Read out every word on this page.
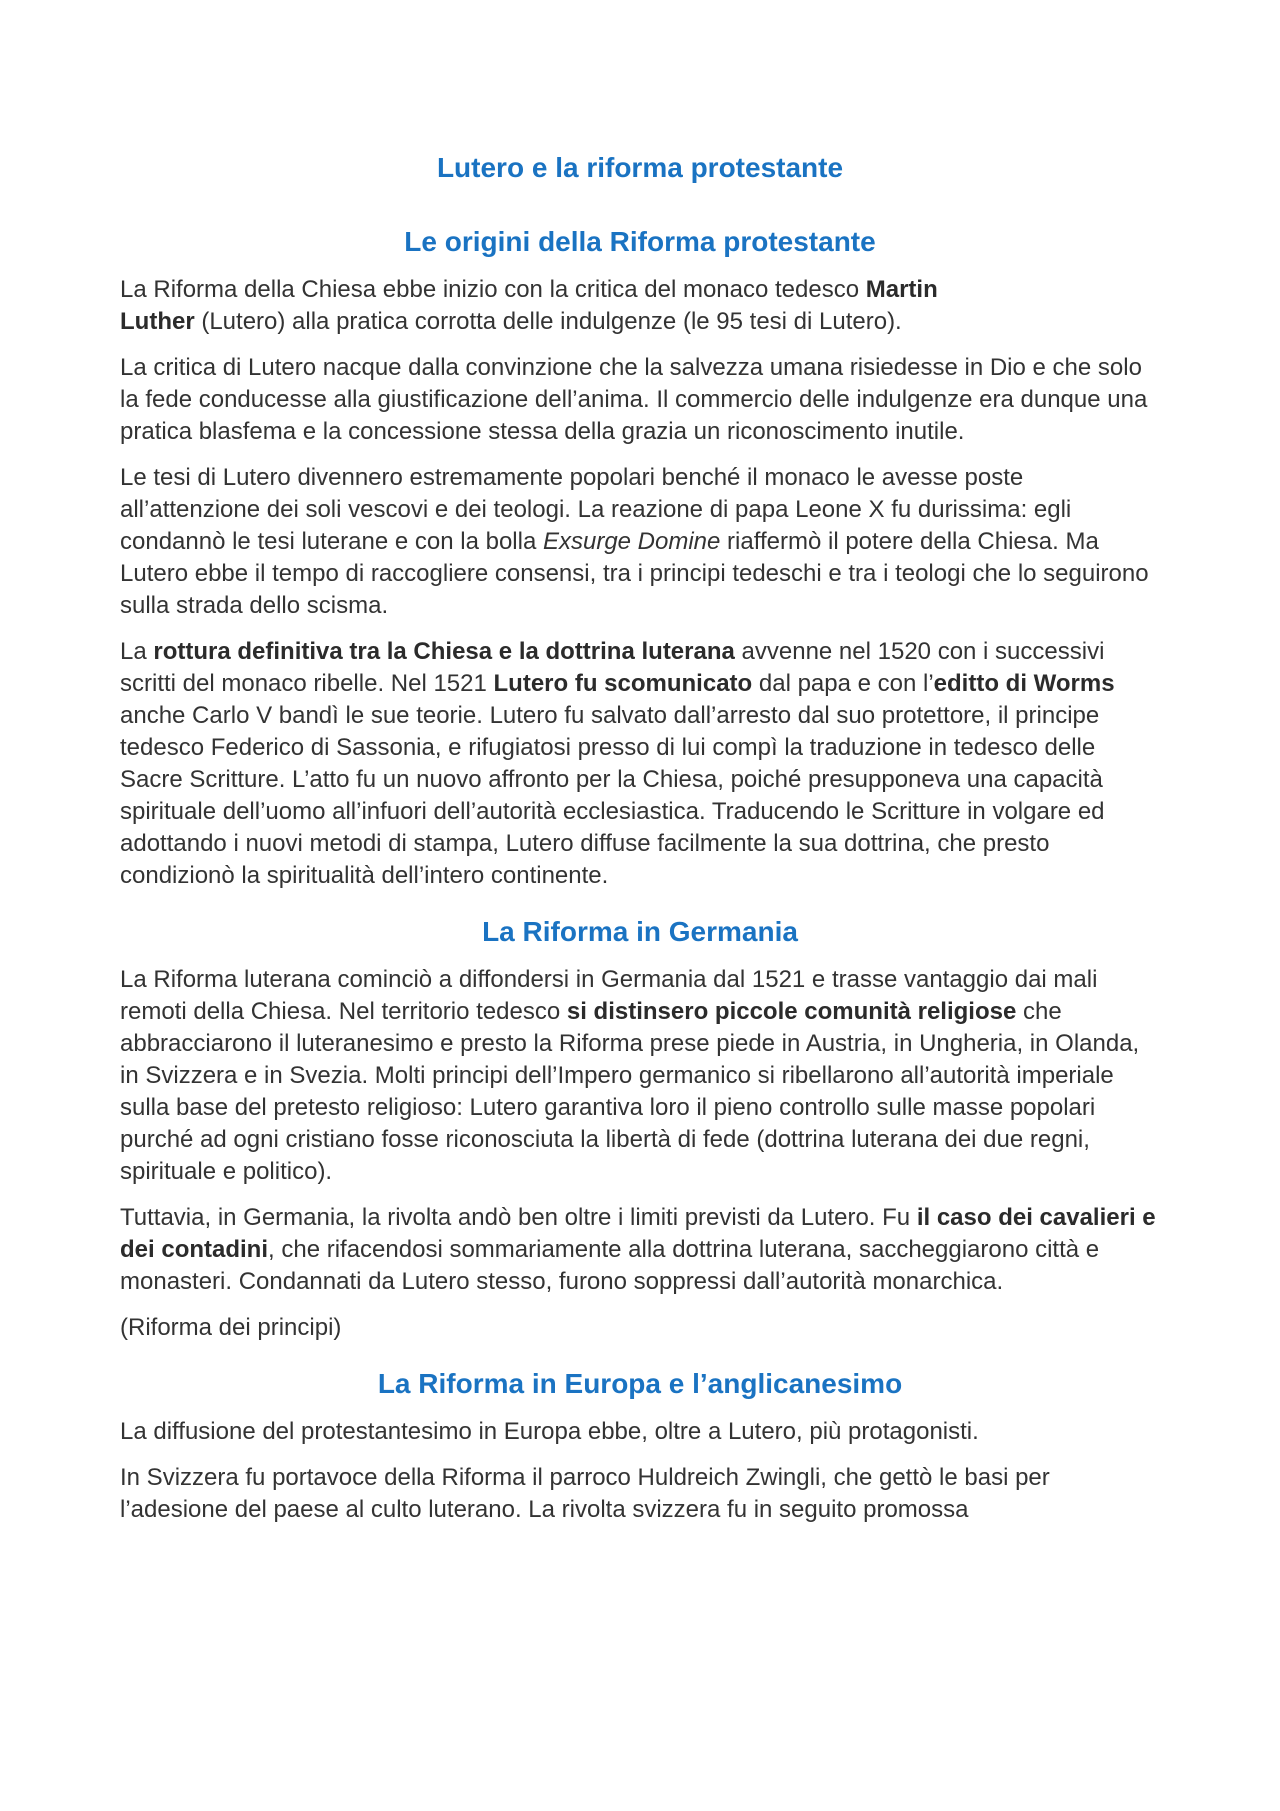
Lutero e la riforma protestante
Le origini della Riforma protestante

La Riforma della Chiesa ebbe inizio con la critica del monaco tedesco Martin Luther (Lutero) alla pratica corrotta delle indulgenze (le 95 tesi di Lutero).

La critica di Lutero nacque dalla convinzione che la salvezza umana risiedesse in Dio e che solo la fede conducesse alla giustificazione dell’anima. Il commercio delle indulgenze era dunque una pratica blasfema e la concessione stessa della grazia un riconoscimento inutile.

Le tesi di Lutero divennero estremamente popolari benché il monaco le avesse poste all’attenzione dei soli vescovi e dei teologi. La reazione di papa Leone X fu durissima: egli condannò le tesi luterane e con la bolla Exsurge Domine riaffermò il potere della Chiesa. Ma Lutero ebbe il tempo di raccogliere consensi, tra i principi tedeschi e tra i teologi che lo seguirono sulla strada dello scisma.

La rottura definitiva tra la Chiesa e la dottrina luterana avvenne nel 1520 con i successivi scritti del monaco ribelle. Nel 1521 Lutero fu scomunicato dal papa e con l’editto di Worms anche Carlo V bandì le sue teorie. Lutero fu salvato dall’arresto dal suo protettore, il principe tedesco Federico di Sassonia, e rifugiatosi presso di lui compì la traduzione in tedesco delle Sacre Scritture. L’atto fu un nuovo affronto per la Chiesa, poiché presupponeva una capacità spirituale dell’uomo all’infuori dell’autorità ecclesiastica. Traducendo le Scritture in volgare ed adottando i nuovi metodi di stampa, Lutero diffuse facilmente la sua dottrina, che presto condizionò la spiritualità dell’intero continente.

La Riforma in Germania

La Riforma luterana cominciò a diffondersi in Germania dal 1521 e trasse vantaggio dai mali remoti della Chiesa. Nel territorio tedesco si distinsero piccole comunità religiose che abbracciarono il luteranesimo e presto la Riforma prese piede in Austria, in Ungheria, in Olanda, in Svizzera e in Svezia. Molti principi dell’Impero germanico si ribellarono all’autorità imperiale sulla base del pretesto religioso: Lutero garantiva loro il pieno controllo sulle masse popolari purché ad ogni cristiano fosse riconosciuta la libertà di fede (dottrina luterana dei due regni, spirituale e politico).

Tuttavia, in Germania, la rivolta andò ben oltre i limiti previsti da Lutero. Fu il caso dei cavalieri e dei contadini, che rifacendosi sommariamente alla dottrina luterana, saccheggiarono città e monasteri. Condannati da Lutero stesso, furono soppressi dall’autorità monarchica.

(Riforma dei principi)

La Riforma in Europa e l’anglicanesimo

La diffusione del protestantesimo in Europa ebbe, oltre a Lutero, più protagonisti.

In Svizzera fu portavoce della Riforma il parroco Huldreich Zwingli, che gettò le basi per l’adesione del paese al culto luterano. La rivolta svizzera fu in seguito promossa
